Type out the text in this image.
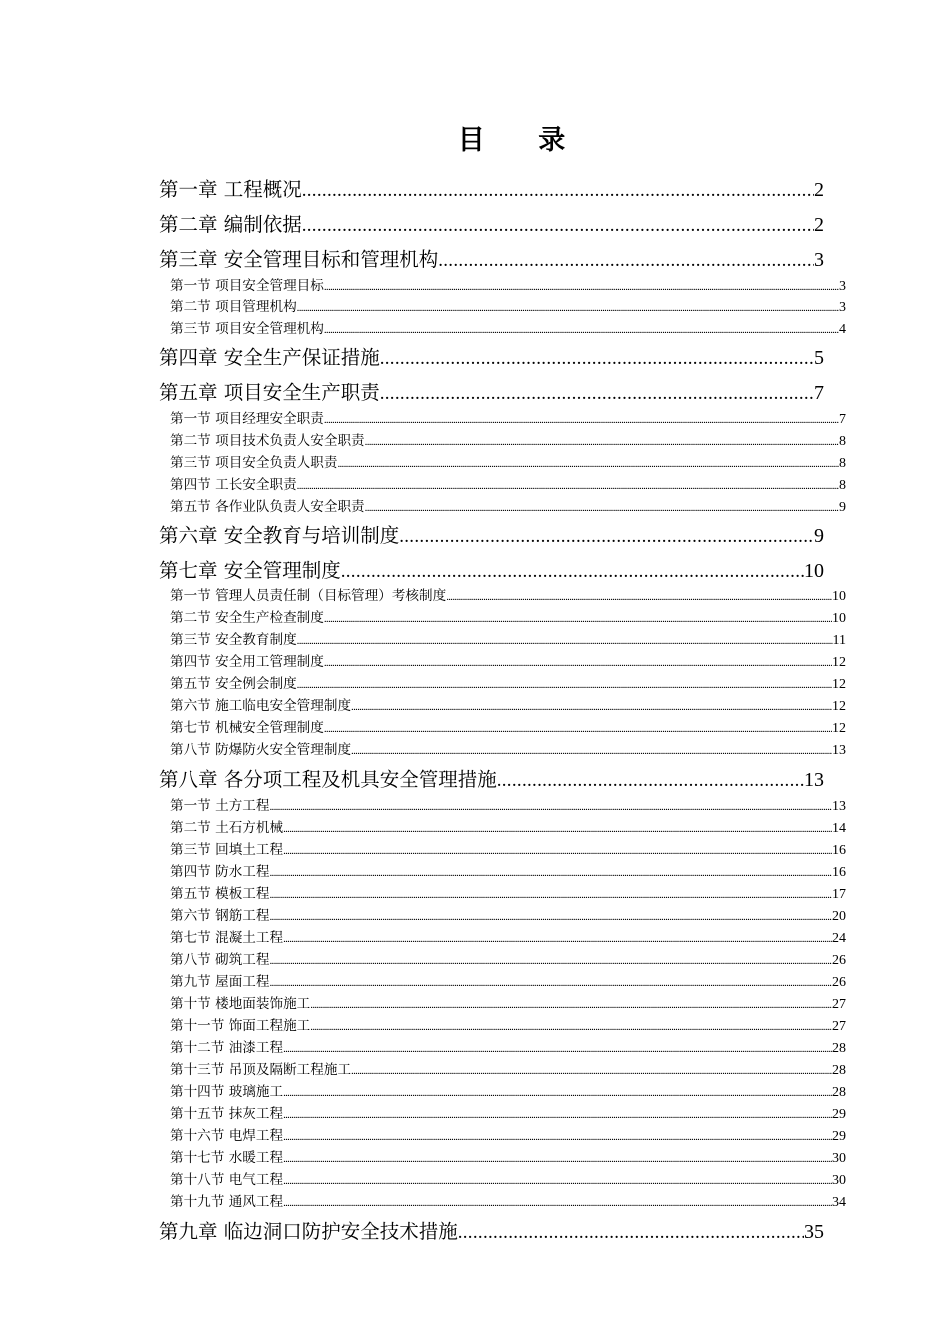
目 录
第一章 工程概况 .....	2
第二章 编制依据 .....	2
第三章 安全管理目标和管理机构 .....	3
第一节 项目安全管理目标 .....	3
第二节 项目管理机构 .....	3
第三节 项目安全管理机构 .....	4
第四章 安全生产保证措施 .....	5
第五章 项目安全生产职责 .....	7
第一节 项目经理安全职责 .....	7
第二节 项目技术负责人安全职责 .....	8
第三节 项目安全负责人职责 .....	8
第四节 工长安全职责 .....	8
第五节 各作业队负责人安全职责 .....	9
第六章 安全教育与培训制度 .....	9
第七章 安全管理制度 .....	10
第一节 管理人员责任制（目标管理）考核制度 .....	10
第二节 安全生产检查制度 .....	10
第三节 安全教育制度 .....	11
第四节 安全用工管理制度 .....	12
第五节 安全例会制度 .....	12
第六节 施工临电安全管理制度 .....	12
第七节 机械安全管理制度 .....	12
第八节 防爆防火安全管理制度 .....	13
第八章 各分项工程及机具安全管理措施 .....	13
第一节 土方工程 .....	13
第二节 土石方机械 .....	14
第三节 回填土工程 .....	16
第四节 防水工程 .....	16
第五节 模板工程 .....	17
第六节 钢筋工程 .....	20
第七节 混凝土工程 .....	24
第八节 砌筑工程 .....	26
第九节 屋面工程 .....	26
第十节 楼地面装饰施工 .....	27
第十一节 饰面工程施工 .....	27
第十二节 油漆工程 .....	28
第十三节 吊顶及隔断工程施工 .....	28
第十四节 玻璃施工 .....	28
第十五节 抹灰工程 .....	29
第十六节 电焊工程 .....	29
第十七节 水暖工程 .....	30
第十八节 电气工程 .....	30
第十九节 通风工程 .....	34
第九章 临边洞口防护安全技术措施 .....	35
